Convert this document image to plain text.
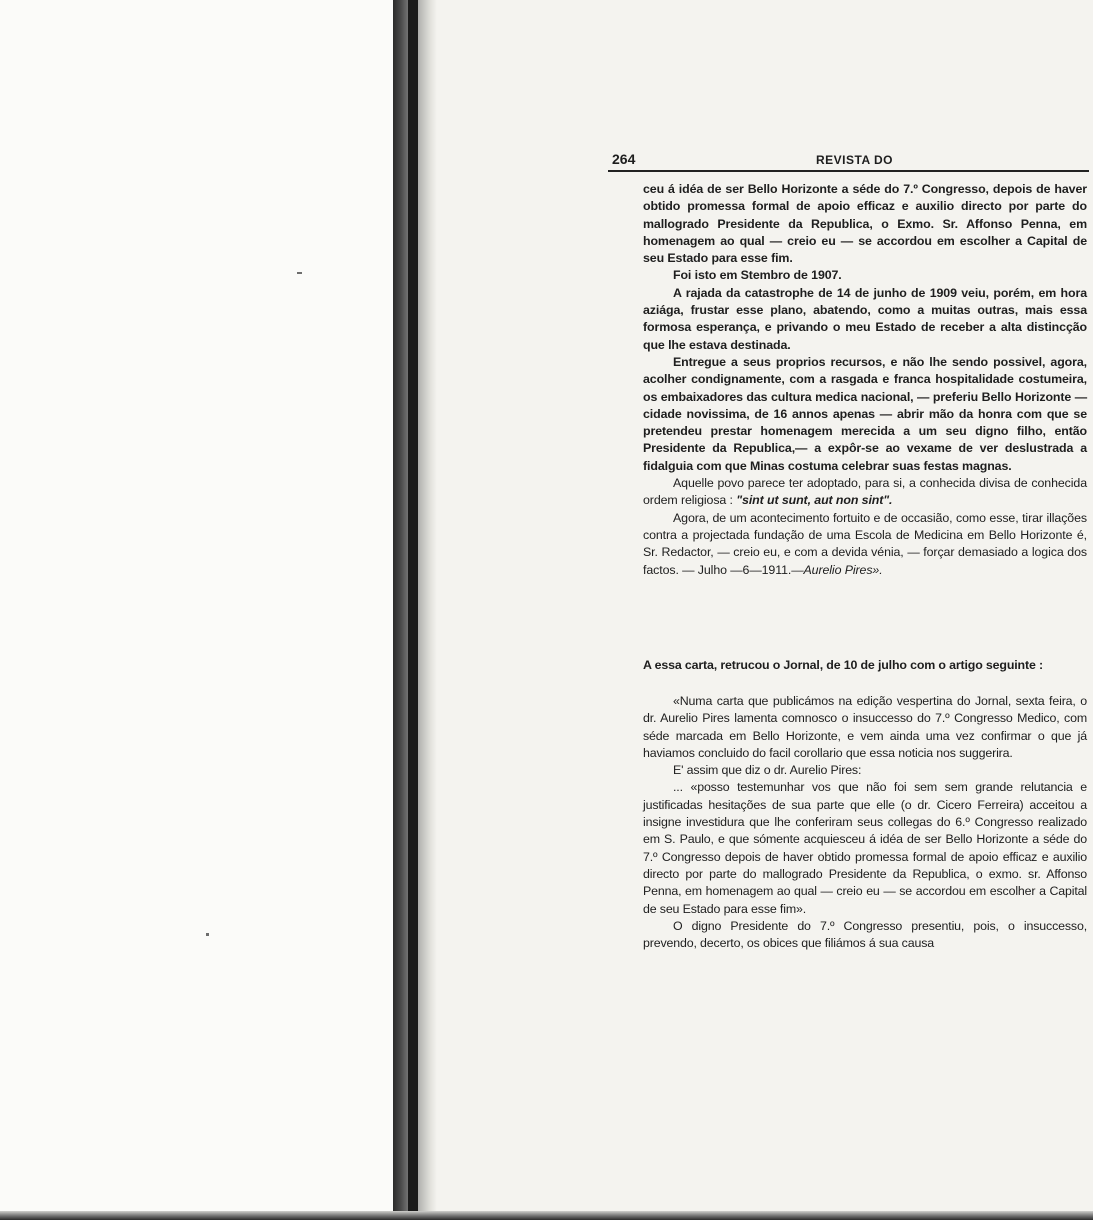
264	REVISTA DO

ceu á idéa de ser Bello Horizonte a séde do 7.º Congresso, depois de haver obtido promessa formal de apoio efficaz e auxilio directo por parte do mallogrado Presidente da Republica, o Exmo. Sr. Affonso Penna, em homenagem ao qual — creio eu — se accordou em escolher a Capital de seu Estado para esse fim.

Foi isto em Stembro de 1907.

A rajada da catastrophe de 14 de junho de 1909 veiu, porém, em hora aziága, frustar esse plano, abatendo, como a muitas outras, mais essa formosa esperança, e privando o meu Estado de receber a alta distincção que lhe estava destinada.

Entregue a seus proprios recursos, e não lhe sendo possivel, agora, acolher condignamente, com a rasgada e franca hospitalidade costumeira, os embaixadores das cultura medica nacional, — preferiu Bello Horizonte — cidade novissima, de 16 annos apenas — abrir mão da honra com que se pretendeu prestar homenagem merecida a um seu digno filho, então Presidente da Republica,— a expôr-se ao vexame de ver deslustrada a fidalguia com que Minas costuma celebrar suas festas magnas.

Aquelle povo parece ter adoptado, para si, a conhecida divisa de conhecida ordem religiosa : "sint ut sunt, aut non sint".

Agora, de um acontecimento fortuito e de occasião, como esse, tirar illações contra a projectada fundação de uma Escola de Medicina em Bello Horizonte é, Sr. Redactor, — creio eu, e com a devida vénia, — forçar demasiado a logica dos factos. — Julho —6—1911.—Aurelio Pires».

A essa carta, retrucou o Jornal, de 10 de julho com o artigo seguinte :

«Numa carta que publicámos na edição vespertina do Jornal, sexta feira, o dr. Aurelio Pires lamenta comnosco o insuccesso do 7.º Congresso Medico, com séde marcada em Bello Horizonte, e vem ainda uma vez confirmar o que já haviamos concluido do facil corollario que essa noticia nos suggerira.

E' assim que diz o dr. Aurelio Pires:

... «posso testemunhar vos que não foi sem sem grande relutancia e justificadas hesitações de sua parte que elle (o dr. Cicero Ferreira) acceitou a insigne investidura que lhe conferiram seus collegas do 6.º Congresso realizado em S. Paulo, e que sómente acquiesceu á idéa de ser Bello Horizonte a séde do 7.º Congresso depois de haver obtido promessa formal de apoio efficaz e auxilio directo por parte do mallogrado Presidente da Republica, o exmo. sr. Affonso Penna, em homenagem ao qual — creio eu — se accordou em escolher a Capital de seu Estado para esse fim».

O digno Presidente do 7.º Congresso presentiu, pois, o insuccesso, prevendo, decerto, os obices que filiámos á sua causa
